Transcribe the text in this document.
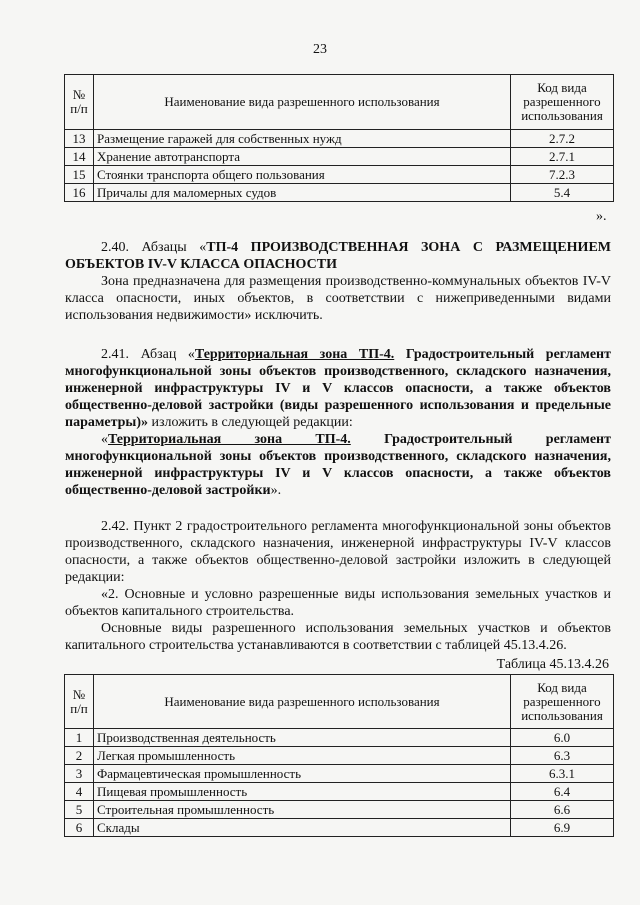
23
№ п/п	Наименование вида разрешенного использования	Код вида разрешенного использования
13	Размещение гаражей для собственных нужд	2.7.2
14	Хранение автотранспорта	2.7.1
15	Стоянки транспорта общего пользования	7.2.3
16	Причалы для маломерных судов	5.4
».
2.40. Абзацы «ТП-4 ПРОИЗВОДСТВЕННАЯ ЗОНА С РАЗМЕЩЕНИЕМ ОБЪЕКТОВ IV-V КЛАССА ОПАСНОСТИ
Зона предназначена для размещения производственно-коммунальных объектов IV-V класса опасности, иных объектов, в соответствии с нижеприведенными видами использования недвижимости» исключить.
2.41. Абзац «Территориальная зона ТП-4. Градостроительный регламент многофункциональной зоны объектов производственного, складского назначения, инженерной инфраструктуры IV и V классов опасности, а также объектов общественно-деловой застройки (виды разрешенного использования и предельные параметры)» изложить в следующей редакции:
«Территориальная зона ТП-4. Градостроительный регламент многофункциональной зоны объектов производственного, складского назначения, инженерной инфраструктуры IV и V классов опасности, а также объектов общественно-деловой застройки».
2.42. Пункт 2 градостроительного регламента многофункциональной зоны объектов производственного, складского назначения, инженерной инфраструктуры IV-V классов опасности, а также объектов общественно-деловой застройки изложить в следующей редакции:
«2. Основные и условно разрешенные виды использования земельных участков и объектов капитального строительства.
Основные виды разрешенного использования земельных участков и объектов капитального строительства устанавливаются в соответствии с таблицей 45.13.4.26.
Таблица 45.13.4.26
№ п/п	Наименование вида разрешенного использования	Код вида разрешенного использования
1	Производственная деятельность	6.0
2	Легкая промышленность	6.3
3	Фармацевтическая промышленность	6.3.1
4	Пищевая промышленность	6.4
5	Строительная промышленность	6.6
6	Склады	6.9
